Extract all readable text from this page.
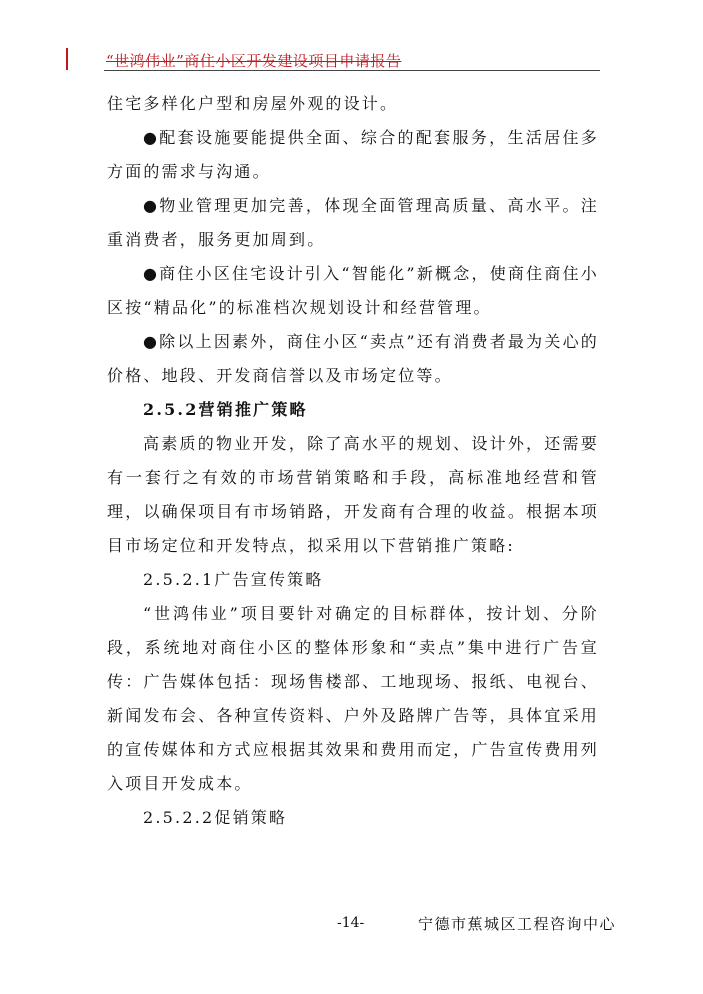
“世鸿伟业”商住小区开发建设项目申请报告

住宅多样化户型和房屋外观的设计。

●配套设施要能提供全面、综合的配套服务，生活居住多方面的需求与沟通。

●物业管理更加完善，体现全面管理高质量、高水平。注重消费者，服务更加周到。

●商住小区住宅设计引入“智能化”新概念，使商住商住小区按“精品化”的标准档次规划设计和经营管理。

●除以上因素外，商住小区“卖点”还有消费者最为关心的价格、地段、开发商信誉以及市场定位等。

2.5.2营销推广策略

高素质的物业开发，除了高水平的规划、设计外，还需要有一套行之有效的市场营销策略和手段，高标准地经营和管理，以确保项目有市场销路，开发商有合理的收益。根据本项目市场定位和开发特点，拟采用以下营销推广策略:

2.5.2.1广告宣传策略

“世鸿伟业”项目要针对确定的目标群体，按计划、分阶段，系统地对商住小区的整体形象和“卖点”集中进行广告宣传：广告媒体包括：现场售楼部、工地现场、报纸、电视台、新闻发布会、各种宣传资料、户外及路牌广告等，具体宜采用的宣传媒体和方式应根据其效果和费用而定，广告宣传费用列入项目开发成本。

2.5.2.2促销策略

-14-	宁德市蕉城区工程咨询中心
